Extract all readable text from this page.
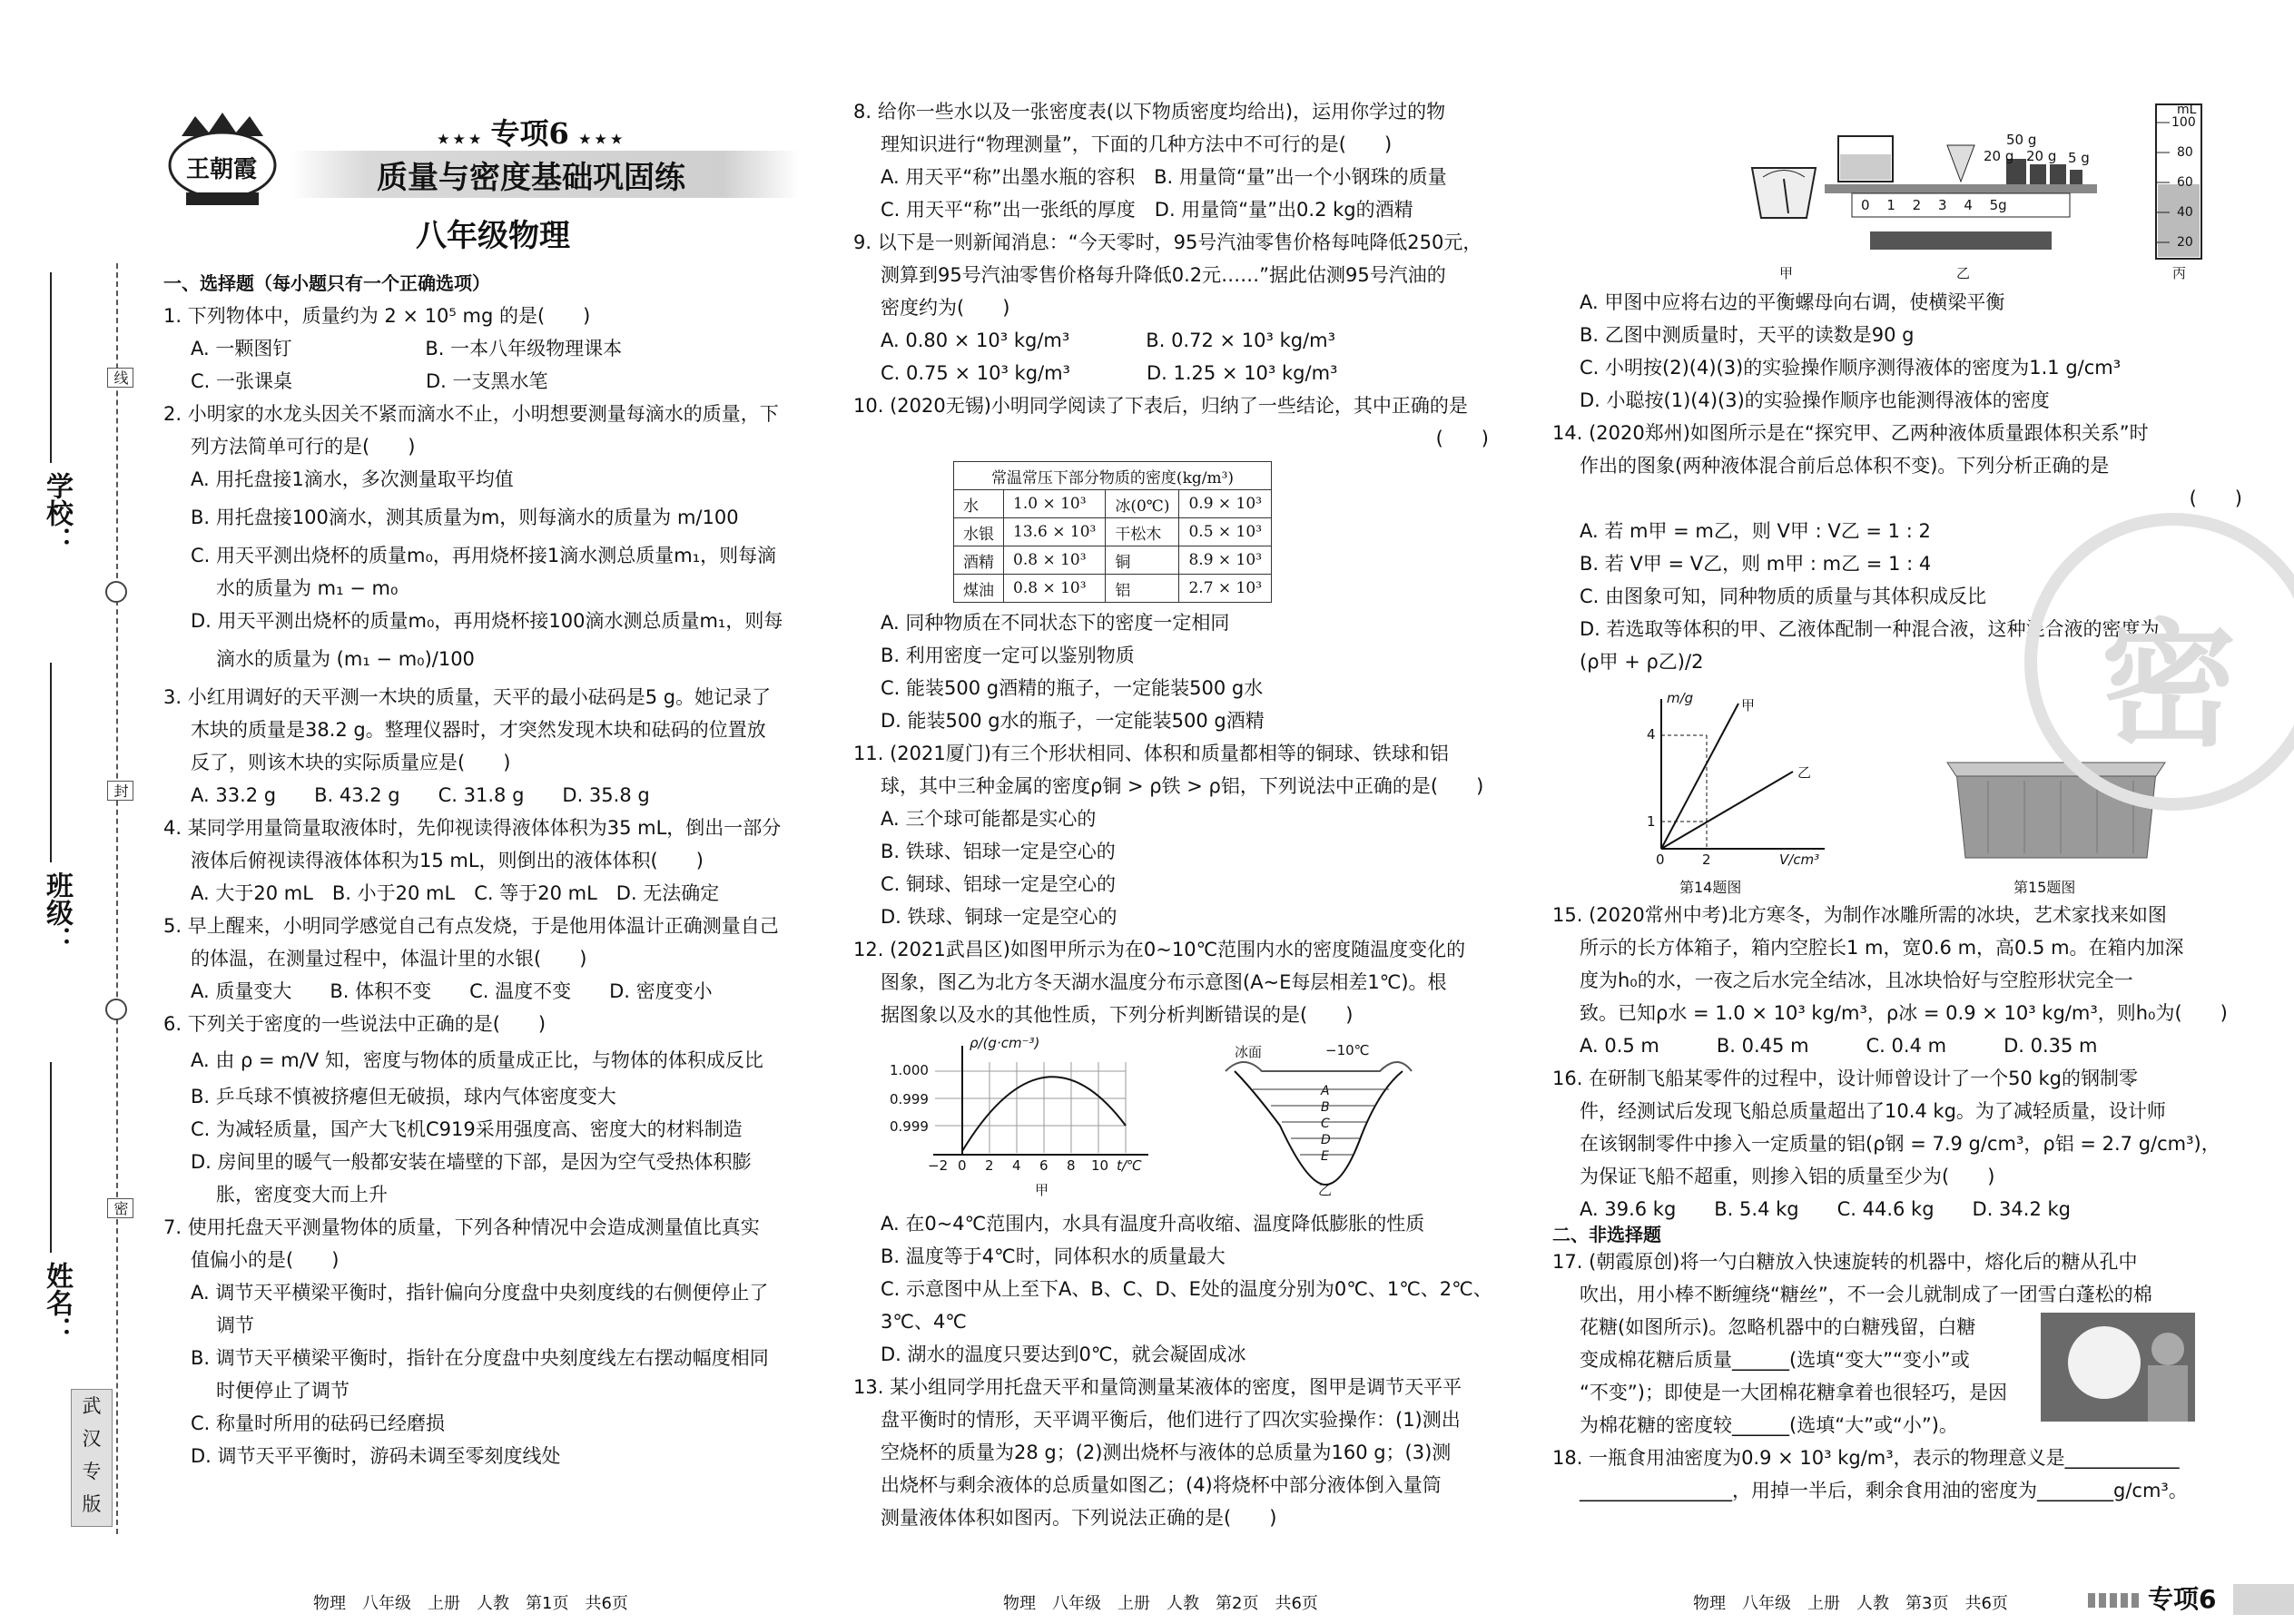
学校：
班级：
姓名：
线
封
密
武
汉
专
版
王朝霞
★ ★ ★ 专项6 ★ ★ ★
质量与密度基础巩固练
八年级物理
一、选择题（每小题只有一个正确选项）
1. 下列物体中，质量约为 2 × 10⁵ mg 的是(　　)
A. 一颗图钉　　　　　　　B. 一本八年级物理课本
C. 一张课桌　　　　　　　D. 一支黑水笔
2. 小明家的水龙头因关不紧而滴水不止，小明想要测量每滴水的质量，下
列方法简单可行的是(　　)
A. 用托盘接1滴水，多次测量取平均值
B. 用托盘接100滴水，测其质量为m，则每滴水的质量为 m/100
C. 用天平测出烧杯的质量m₀，再用烧杯接1滴水测总质量m₁，则每滴
水的质量为 m₁ − m₀
D. 用天平测出烧杯的质量m₀，再用烧杯接100滴水测总质量m₁，则每
滴水的质量为 (m₁ − m₀)/100
3. 小红用调好的天平测一木块的质量，天平的最小砝码是5 g。她记录了
木块的质量是38.2 g。整理仪器时，才突然发现木块和砝码的位置放
反了，则该木块的实际质量应是(　　)
A. 33.2 g　　B. 43.2 g　　C. 31.8 g　　D. 35.8 g
4. 某同学用量筒量取液体时，先仰视读得液体体积为35 mL，倒出一部分
液体后俯视读得液体体积为15 mL，则倒出的液体体积(　　)
A. 大于20 mL　B. 小于20 mL　C. 等于20 mL　D. 无法确定
5. 早上醒来，小明同学感觉自己有点发烧，于是他用体温计正确测量自己
的体温，在测量过程中，体温计里的水银(　　)
A. 质量变大　　B. 体积不变　　C. 温度不变　　D. 密度变小
6. 下列关于密度的一些说法中正确的是(　　)
A. 由 ρ = m/V 知，密度与物体的质量成正比，与物体的体积成反比
B. 乒乓球不慎被挤瘪但无破损，球内气体密度变大
C. 为减轻质量，国产大飞机C919采用强度高、密度大的材料制造
D. 房间里的暖气一般都安装在墙壁的下部，是因为空气受热体积膨
胀，密度变大而上升
7. 使用托盘天平测量物体的质量，下列各种情况中会造成测量值比真实
值偏小的是(　　)
A. 调节天平横梁平衡时，指针偏向分度盘中央刻度线的右侧便停止了
调节
B. 调节天平横梁平衡时，指针在分度盘中央刻度线左右摆动幅度相同
时便停止了调节
C. 称量时所用的砝码已经磨损
D. 调节天平平衡时，游码未调至零刻度线处
物理　八年级　上册　人教　第1页　共6页
8. 给你一些水以及一张密度表(以下物质密度均给出)，运用你学过的物
理知识进行“物理测量”，下面的几种方法中不可行的是(　　)
A. 用天平“称”出墨水瓶的容积　B. 用量筒“量”出一个小钢珠的质量
C. 用天平“称”出一张纸的厚度　D. 用量筒“量”出0.2 kg的酒精
9. 以下是一则新闻消息：“今天零时，95号汽油零售价格每吨降低250元，
测算到95号汽油零售价格每升降低0.2元……”据此估测95号汽油的
密度约为(　　)
A. 0.80 × 10³ kg/m³　　　　B. 0.72 × 10³ kg/m³
C. 0.75 × 10³ kg/m³　　　　D. 1.25 × 10³ kg/m³
10. (2020无锡)小明同学阅读了下表后，归纳了一些结论，其中正确的是
(　　)
常温常压下部分物质的密度(kg/m³)			
水	1.0 × 10³	冰(0℃)	0.9 × 10³
水银	13.6 × 10³	干松木	0.5 × 10³
酒精	0.8 × 10³	铜	8.9 × 10³
煤油	0.8 × 10³	铝	2.7 × 10³
A. 同种物质在不同状态下的密度一定相同
B. 利用密度一定可以鉴别物质
C. 能装500 g酒精的瓶子，一定能装500 g水
D. 能装500 g水的瓶子，一定能装500 g酒精
11. (2021厦门)有三个形状相同、体积和质量都相等的铜球、铁球和铝
球，其中三种金属的密度ρ铜 > ρ铁 > ρ铝，下列说法中正确的是(　　)
A. 三个球可能都是实心的
B. 铁球、铝球一定是空心的
C. 铜球、铝球一定是空心的
D. 铁球、铜球一定是空心的
12. (2021武昌区)如图甲所示为在0~10℃范围内水的密度随温度变化的
图象，图乙为北方冬天湖水温度分布示意图(A~E每层相差1℃)。根
据图象以及水的其他性质，下列分析判断错误的是(　　)
ρ/(g·cm⁻³)
1.000
0.999
0.999
−2 0 2 4 6 8 10 t/℃
甲
冰面	−10℃
A
B
C
D
E
乙
A. 在0~4℃范围内，水具有温度升高收缩、温度降低膨胀的性质
B. 温度等于4℃时，同体积水的质量最大
C. 示意图中从上至下A、B、C、D、E处的温度分别为0℃、1℃、2℃、3℃、4℃
D. 湖水的温度只要达到0℃，就会凝固成冰
13. 某小组同学用托盘天平和量筒测量某液体的密度，图甲是调节天平平
盘平衡时的情形，天平调平衡后，他们进行了四次实验操作：(1)测出
空烧杯的质量为28 g；(2)测出烧杯与液体的总质量为160 g；(3)测
出烧杯与剩余液体的总质量如图乙；(4)将烧杯中部分液体倒入量筒
测量液体体积如图丙。下列说法正确的是(　　)
物理　八年级　上册　人教　第2页　共6页
50 g
20 g 20 g 5 g
0 1 2 3 4 5g
mL
100
80
60
40
20
甲	乙	丙
A. 甲图中应将右边的平衡螺母向右调，使横梁平衡
B. 乙图中测质量时，天平的读数是90 g
C. 小明按(2)(4)(3)的实验操作顺序测得液体的密度为1.1 g/cm³
D. 小聪按(1)(4)(3)的实验操作顺序也能测得液体的密度
14. (2020郑州)如图所示是在“探究甲、乙两种液体质量跟体积关系”时
作出的图象(两种液体混合前后总体积不变)。下列分析正确的是
(　　)
A. 若 m甲 = m乙，则 V甲 : V乙 = 1 : 2
B. 若 V甲 = V乙，则 m甲 : m乙 = 1 : 4
C. 由图象可知，同种物质的质量与其体积成反比
D. 若选取等体积的甲、乙液体配制一种混合液，这种混合液的密度为
(ρ甲 + ρ乙)/2
m/g
V/cm³
4
1
0	2
甲
乙
第14题图	第15题图
15. (2020常州中考)北方寒冬，为制作冰雕所需的冰块，艺术家找来如图
所示的长方体箱子，箱内空腔长1 m，宽0.6 m，高0.5 m。在箱内加深
度为h₀的水，一夜之后水完全结冰，且冰块恰好与空腔形状完全一
致。已知ρ水 = 1.0 × 10³ kg/m³，ρ冰 = 0.9 × 10³ kg/m³，则h₀为(　　)
A. 0.5 m　　　B. 0.45 m　　　C. 0.4 m　　　D. 0.35 m
16. 在研制飞船某零件的过程中，设计师曾设计了一个50 kg的钢制零
件，经测试后发现飞船总质量超出了10.4 kg。为了减轻质量，设计师
在该钢制零件中掺入一定质量的铝(ρ钢 = 7.9 g/cm³，ρ铝 = 2.7 g/cm³)，
为保证飞船不超重，则掺入铝的质量至少为(　　)
A. 39.6 kg　　B. 5.4 kg　　C. 44.6 kg　　D. 34.2 kg
二、非选择题
17. (朝霞原创)将一勺白糖放入快速旋转的机器中，熔化后的糖从孔中
吹出，用小棒不断缠绕“糖丝”，不一会儿就制成了一团雪白蓬松的棉
花糖(如图所示)。忽略机器中的白糖残留，白糖
变成棉花糖后质量______(选填“变大”“变小”或
“不变”)；即使是一大团棉花糖拿着也很轻巧，是因
为棉花糖的密度较______(选填“大”或“小”)。
18. 一瓶食用油密度为0.9 × 10³ kg/m³，表示的物理意义是____________
________________，用掉一半后，剩余食用油的密度为________g/cm³。
物理　八年级　上册　人教　第3页　共6页
密
专项6
